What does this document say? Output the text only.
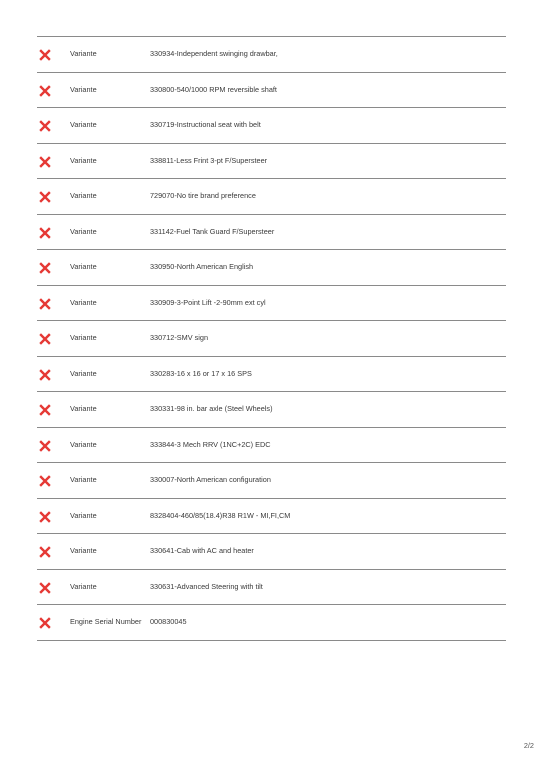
Variante	330934-Independent swinging drawbar,
Variante	330800-540/1000 RPM reversible shaft
Variante	330719-Instructional seat with belt
Variante	338811-Less Frint 3-pt F/Supersteer
Variante	729070-No tire brand preference
Variante	331142-Fuel Tank Guard F/Supersteer
Variante	330950-North American English
Variante	330909-3-Point Lift -2-90mm ext cyl
Variante	330712-SMV sign
Variante	330283-16 x 16 or 17 x 16 SPS
Variante	330331-98 in. bar axle (Steel Wheels)
Variante	333844-3 Mech RRV (1NC+2C) EDC
Variante	330007-North American configuration
Variante	8328404-460/85(18.4)R38 R1W - MI,FI,CM
Variante	330641-Cab with AC and heater
Variante	330631-Advanced Steering with tilt
Engine Serial Number 000830045
2/2
